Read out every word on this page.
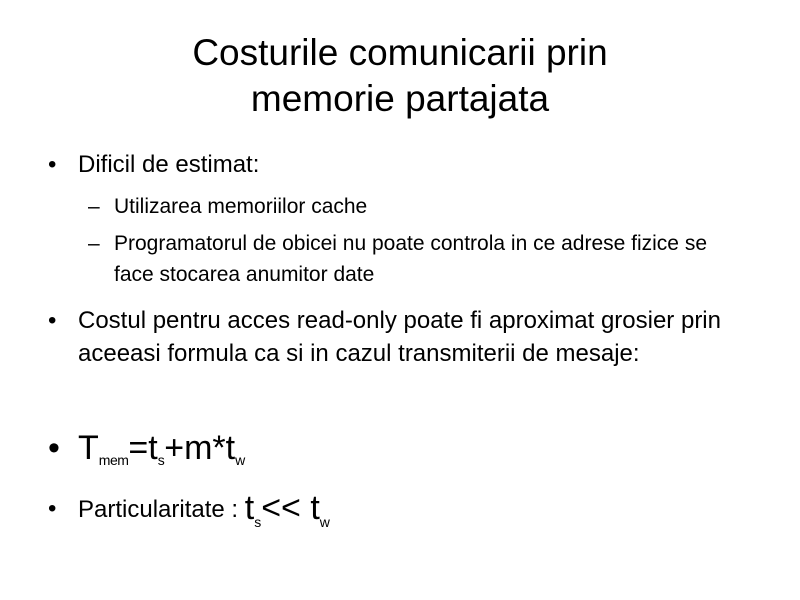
Costurile comunicarii prin
memorie partajata
• Dificil de estimat:
– Utilizarea memoriilor cache
– Programatorul de obicei nu poate controla in ce adrese fizice se face stocarea anumitor date
• Costul pentru acces read-only poate fi aproximat grosier prin aceeasi formula ca si in cazul transmiterii de mesaje:
• Tmem=ts+m*tw
• Particularitate : $t_s<< t_w$
